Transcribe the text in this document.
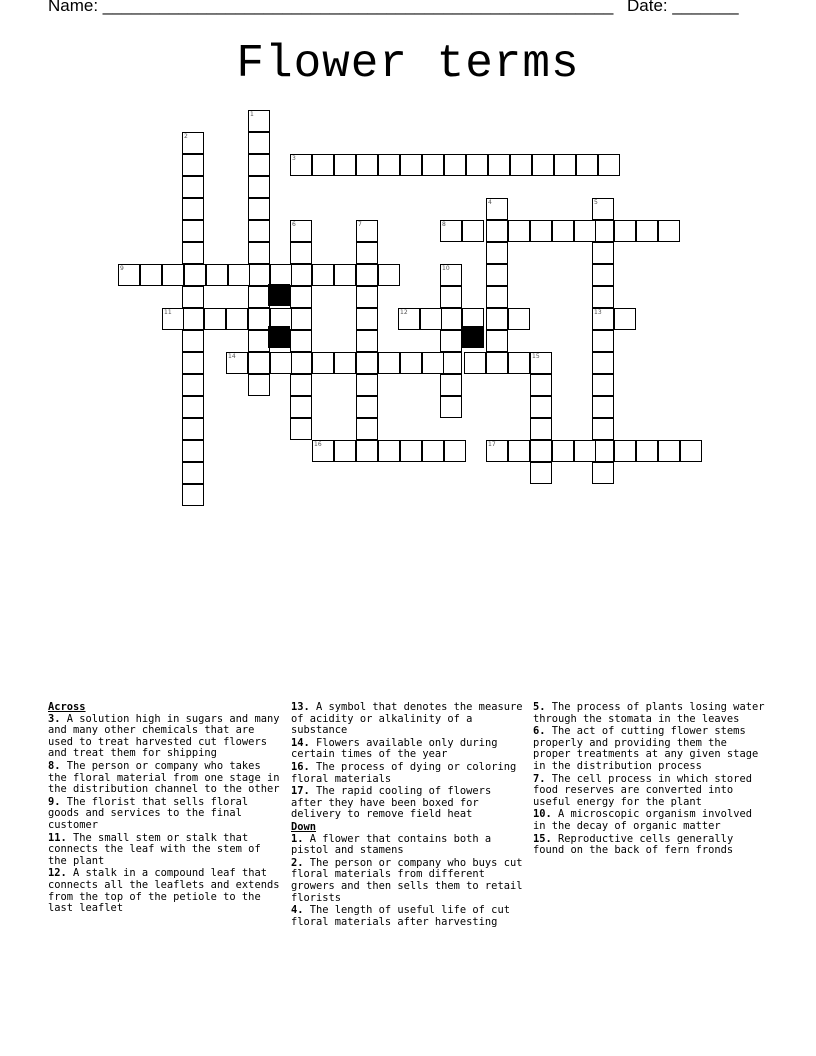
Name: ______________________________________________________ Date: _______
Flower terms
1
2
3
4	5
6	7	8
9	10
11	12	13
14	15
16	17
Across
3. A solution high in sugars and many and many other chemicals that are used to treat harvested cut flowers and treat them for shipping
8. The person or company who takes the floral material from one stage in the distribution channel to the other
9. The florist that sells floral goods and services to the final customer
11. The small stem or stalk that connects the leaf with the stem of the plant
12. A stalk in a compound leaf that connects all the leaflets and extends from the top of the petiole to the last leaflet
13. A symbol that denotes the measure of acidity or alkalinity of a substance
14. Flowers available only during certain times of the year
16. The process of dying or coloring floral materials
17. The rapid cooling of flowers after they have been boxed for delivery to remove field heat
Down
1. A flower that contains both a pistol and stamens
2. The person or company who buys cut floral materials from different growers and then sells them to retail florists
4. The length of useful life of cut floral materials after harvesting
5. The process of plants losing water through the stomata in the leaves
6. The act of cutting flower stems properly and providing them the proper treatments at any given stage in the distribution process
7. The cell process in which stored food reserves are converted into useful energy for the plant
10. A microscopic organism involved in the decay of organic matter
15. Reproductive cells generally found on the back of fern fronds
